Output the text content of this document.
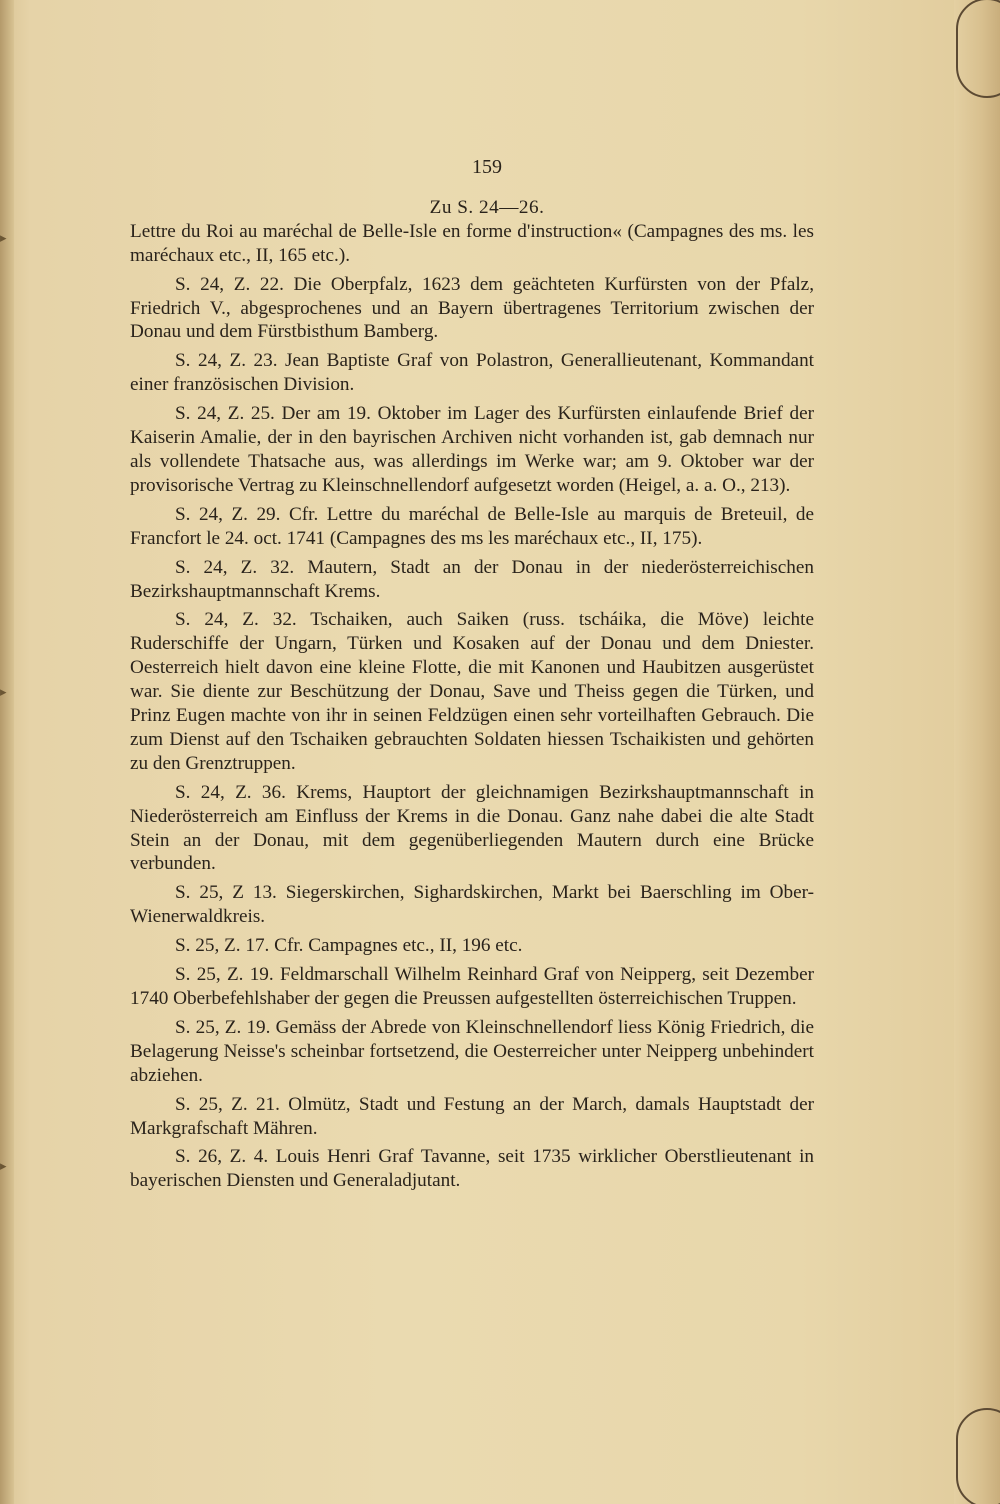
▸
▸
▸
159
Zu S. 24—26.

Lettre du Roi au maréchal de Belle-Isle en forme d'instruction« (Campagnes des ms. les maréchaux etc., II, 165 etc.).

S. 24, Z. 22. Die Oberpfalz, 1623 dem geächteten Kurfürsten von der Pfalz, Friedrich V., abgesprochenes und an Bayern übertragenes Territorium zwischen der Donau und dem Fürstbisthum Bamberg.

S. 24, Z. 23. Jean Baptiste Graf von Polastron, Generallieutenant, Kommandant einer französischen Division.

S. 24, Z. 25. Der am 19. Oktober im Lager des Kurfürsten einlaufende Brief der Kaiserin Amalie, der in den bayrischen Archiven nicht vorhanden ist, gab demnach nur als vollendete Thatsache aus, was allerdings im Werke war; am 9. Oktober war der provisorische Vertrag zu Kleinschnellendorf aufgesetzt worden (Heigel, a. a. O., 213).

S. 24, Z. 29. Cfr. Lettre du maréchal de Belle-Isle au marquis de Breteuil, de Francfort le 24. oct. 1741 (Campagnes des ms les maréchaux etc., II, 175).

S. 24, Z. 32. Mautern, Stadt an der Donau in der niederösterreichischen Bezirkshauptmannschaft Krems.

S. 24, Z. 32. Tschaiken, auch Saiken (russ. tscháika, die Möve) leichte Ruderschiffe der Ungarn, Türken und Kosaken auf der Donau und dem Dniester. Oesterreich hielt davon eine kleine Flotte, die mit Kanonen und Haubitzen ausgerüstet war. Sie diente zur Beschützung der Donau, Save und Theiss gegen die Türken, und Prinz Eugen machte von ihr in seinen Feldzügen einen sehr vorteilhaften Gebrauch. Die zum Dienst auf den Tschaiken gebrauchten Soldaten hiessen Tschaikisten und gehörten zu den Grenztruppen.

S. 24, Z. 36. Krems, Hauptort der gleichnamigen Bezirkshauptmannschaft in Niederösterreich am Einfluss der Krems in die Donau. Ganz nahe dabei die alte Stadt Stein an der Donau, mit dem gegenüberliegenden Mautern durch eine Brücke verbunden.

S. 25, Z 13. Siegerskirchen, Sighardskirchen, Markt bei Baerschling im Ober-Wienerwaldkreis.

S. 25, Z. 17. Cfr. Campagnes etc., II, 196 etc.

S. 25, Z. 19. Feldmarschall Wilhelm Reinhard Graf von Neipperg, seit Dezember 1740 Oberbefehlshaber der gegen die Preussen aufgestellten österreichischen Truppen.

S. 25, Z. 19. Gemäss der Abrede von Kleinschnellendorf liess König Friedrich, die Belagerung Neisse's scheinbar fortsetzend, die Oesterreicher unter Neipperg unbehindert abziehen.

S. 25, Z. 21. Olmütz, Stadt und Festung an der March, damals Hauptstadt der Markgrafschaft Mähren.

S. 26, Z. 4. Louis Henri Graf Tavanne, seit 1735 wirklicher Oberstlieutenant in bayerischen Diensten und Generaladjutant.
